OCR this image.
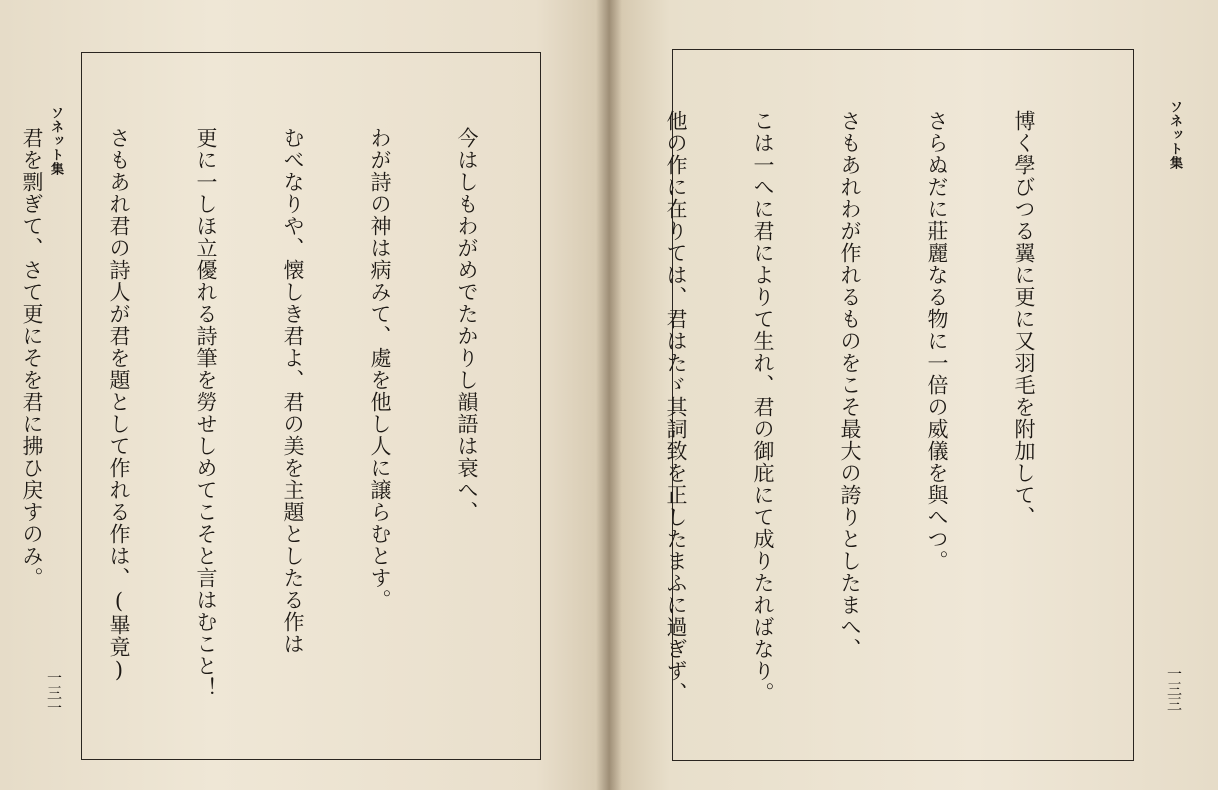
ソネット集
一三一

今はしもわがめでたかりし韻語は衰へ、

わが詩の神は病みて、處を他し人に譲らむとす。

むべなりや、懐しき君よ、君の美を主題としたる作は

更に一しほ立優れる詩筆を勞せしめてこそと言はむこと！

さもあれ君の詩人が君を題として作れる作は、(畢竟)

君を剽ぎて、さて更にそを君に拂ひ戻すのみ。

	ソネット集
一三三

博く學びつる翼に更に又羽毛を附加して、

さらぬだに莊麗なる物に一倍の威儀を與へつ。

さもあれわが作れるものをこそ最大の誇りとしたまへ、

こは一へに君によりて生れ、君の御庇にて成りたればなり。

他の作に在りては、君はたゞ其詞致を正したまふに過ぎず、
